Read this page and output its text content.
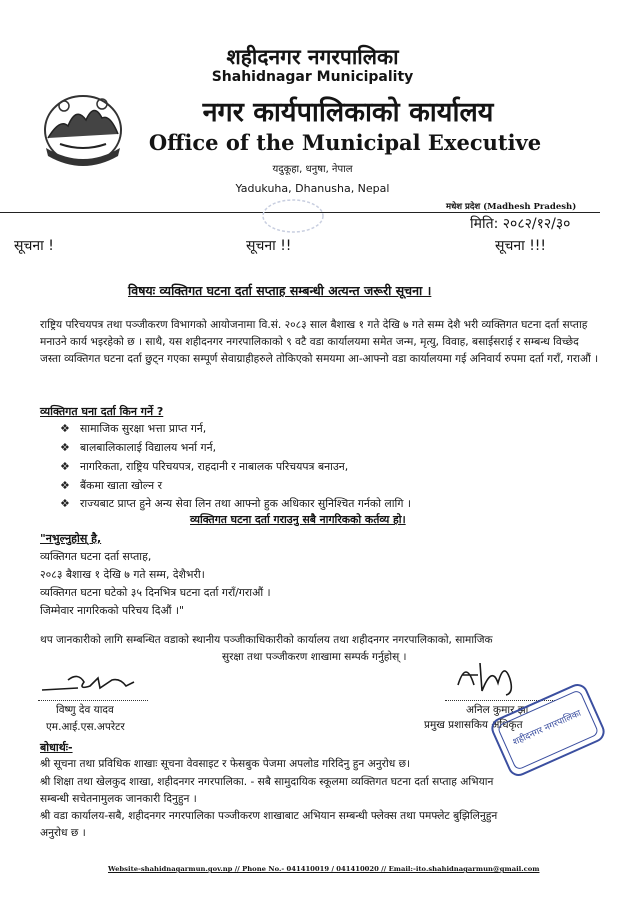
शहीदनगर नगरपालिका
Shahidnagar Municipality
नगर कार्यपालिकाको कार्यालय
Office of the Municipal Executive
यदुकूहा, धनुषा, नेपाल
Yadukuha, Dhanusha, Nepal
मधेश प्रदेश (Madhesh Pradesh)
मिति: २०८२/१२/३०
सूचना !	सूचना !!	सूचना !!!
विषयः व्यक्तिगत घटना दर्ता सप्ताह सम्बन्धी अत्यन्त जरूरी सूचना ।

राष्ट्रिय परिचयपत्र तथा पञ्जीकरण विभागको आयोजनामा वि.सं. २०८३ साल बैशाख १ गते देखि ७ गते सम्म देशै भरी व्यक्तिगत घटना दर्ता सप्ताह मनाउने कार्य भइरहेको छ । साथै, यस शहीदनगर नगरपालिकाको ९ वटै वडा कार्यालयमा समेत जन्म, मृत्यु, विवाह, बसाईसराई र सम्बन्ध विच्छेद जस्ता व्यक्तिगत घटना दर्ता छुट्न गएका सम्पूर्ण सेवाग्राहीहरुले तोकिएको समयमा आ-आफ्नो वडा कार्यालयमा गई अनिवार्य रुपमा दर्ता गराँ, गराऔं ।

व्यक्तिगत घना दर्ता किन गर्ने ?
❖ सामाजिक सुरक्षा भत्ता प्राप्त गर्न,
❖ बालबालिकालाई विद्यालय भर्ना गर्न,
❖ नागरिकता, राष्ट्रिय परिचयपत्र, राहदानी र नाबालक परिचयपत्र बनाउन,
❖ बैंकमा खाता खोल्न र
❖ राज्यबाट प्राप्त हुने अन्य सेवा लिन तथा आफ्नो हुक अधिकार सुनिश्चित गर्नको लागि ।
व्यक्तिगत घटना दर्ता गराउनु सबै नागरिकको कर्तव्य हो।
"नभुल्नुहोस् है,
व्यक्तिगत घटना दर्ता सप्ताह,
२०८३ बैशाख १ देखि ७ गते सम्म, देशैभरी।
व्यक्तिगत घटना घटेको ३५ दिनभित्र घटना दर्ता गराँ/गराऔं ।
जिम्मेवार नागरिकको परिचय दिऔं ।"
थप जानकारीको लागि सम्बन्धित वडाको स्थानीय पञ्जीकाधिकारीको कार्यालय तथा शहीदनगर नगरपालिकाको, सामाजिक
सुरक्षा तथा पञ्जीकरण शाखामा सम्पर्क गर्नुहोस् ।
विष्णु देव यादव
एम.आई.एस.अपरेटर
अनिल कुमार झा
प्रमुख प्रशासकिय अधिकृत
शहीदनगर नगरपालिका
बोधार्थः-
श्री सूचना तथा प्रविधिक शाखाः सूचना वेवसाइट र फेसबुक पेजमा अपलोड गरिदिनु हुन अनुरोध छ।
श्री शिक्षा तथा खेलकुद शाखा, शहीदनगर नगरपालिका. - सबै सामुदायिक स्कूलमा व्यक्तिगत घटना दर्ता सप्ताह अभियान
सम्बन्धी सचेतनामुलक जानकारी दिनुहुन ।
श्री वडा कार्यालय-सबै, शहीदनगर नगरपालिका पञ्जीकरण शाखाबाट अभियान सम्बन्धी फ्लेक्स तथा पमफ्लेट बुझिलिनुहुन
अनुरोध छ ।
Website-shahidnagarmun.gov.np // Phone No.- 041410019 / 041410020 // Email:-ito.shahidnagarmun@gmail.com
